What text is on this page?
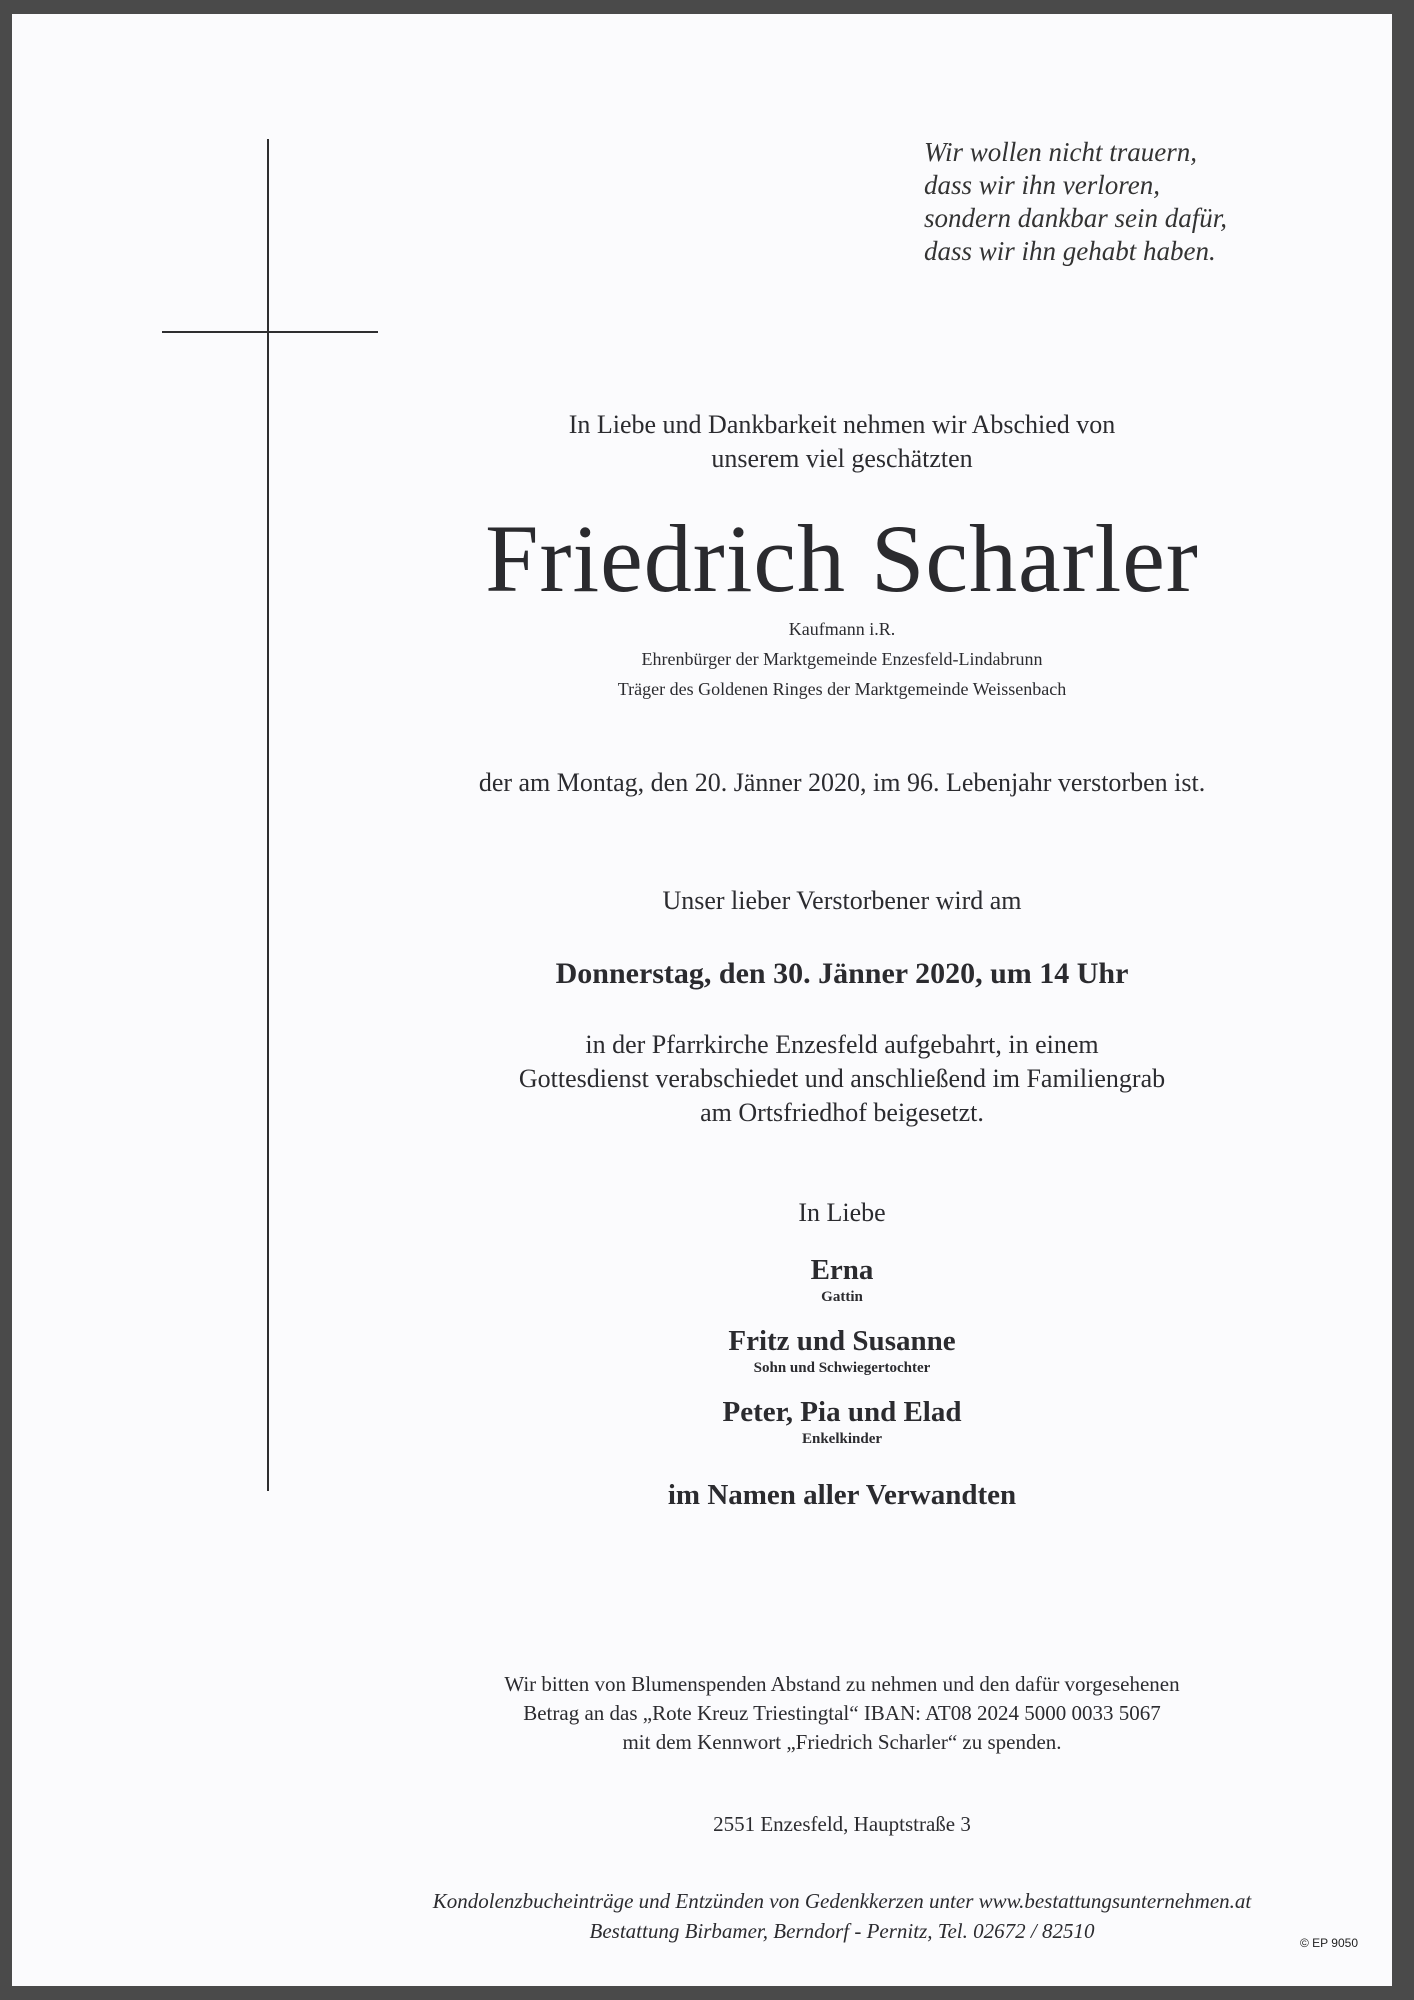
Wir wollen nicht trauern,
dass wir ihn verloren,
sondern dankbar sein dafür,
dass wir ihn gehabt haben.
In Liebe und Dankbarkeit nehmen wir Abschied von
unserem viel geschätzten
Friedrich Scharler
Kaufmann i.R.
Ehrenbürger der Marktgemeinde Enzesfeld-Lindabrunn
Träger des Goldenen Ringes der Marktgemeinde Weissenbach
der am Montag, den 20. Jänner 2020, im 96. Lebenjahr verstorben ist.
Unser lieber Verstorbener wird am
Donnerstag, den 30. Jänner 2020, um 14 Uhr
in der Pfarrkirche Enzesfeld aufgebahrt, in einem
Gottesdienst verabschiedet und anschließend im Familiengrab
am Ortsfriedhof beigesetzt.
In Liebe
Erna
Gattin
Fritz und Susanne
Sohn und Schwiegertochter
Peter, Pia und Elad
Enkelkinder
im Namen aller Verwandten
Wir bitten von Blumenspenden Abstand zu nehmen und den dafür vorgesehenen
Betrag an das „Rote Kreuz Triestingtal“ IBAN: AT08 2024 5000 0033 5067
mit dem Kennwort „Friedrich Scharler“ zu spenden.
2551 Enzesfeld, Hauptstraße 3
Kondolenzbucheinträge und Entzünden von Gedenkkerzen unter www.bestattungsunternehmen.at
Bestattung Birbamer, Berndorf - Pernitz, Tel. 02672 / 82510	© EP 9050
